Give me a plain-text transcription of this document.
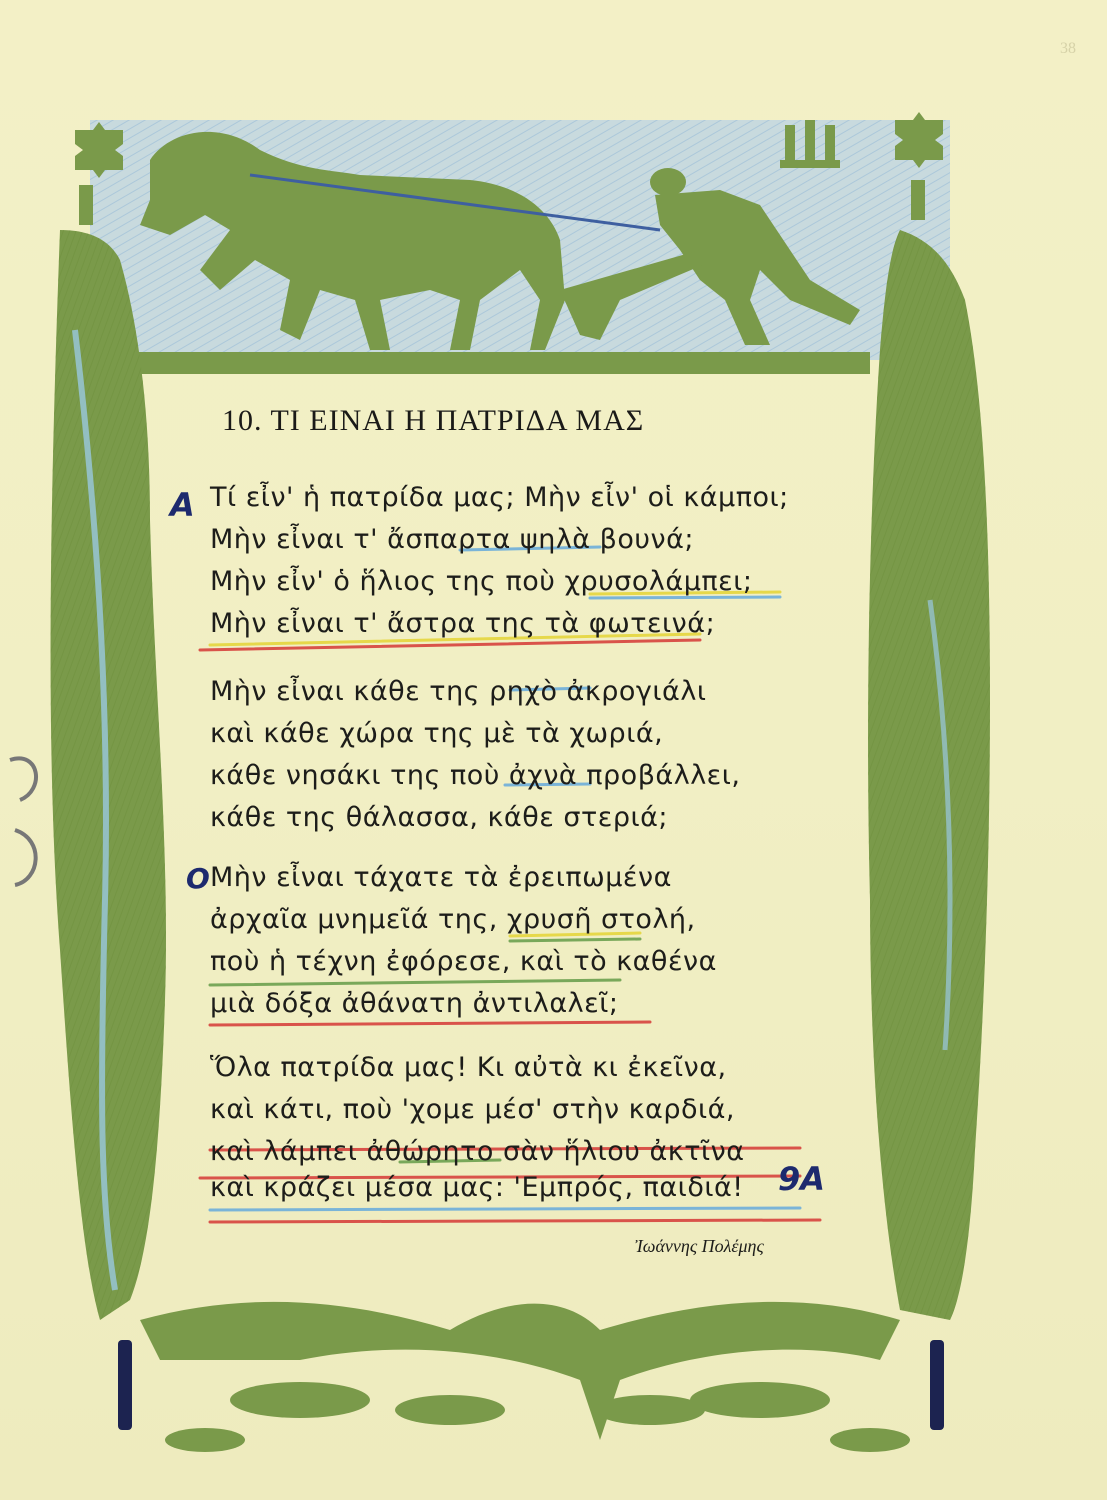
38
10. ΤΙ ΕΙΝΑΙ Η ΠΑΤΡΙΔΑ ΜΑΣ
A
O
9A
Τί εἶν' ἡ πατρίδα μας; Μὴν εἶν' οἱ κάμποι;
Μὴν εἶναι τ' ἄσπαρτα ψηλὰ βουνά;
Μὴν εἶν' ὁ ἥλιος της ποὺ χρυσολάμπει;
Μὴν εἶναι τ' ἄστρα της τὰ φωτεινά;
Μὴν εἶναι κάθε της ρηχὸ ἀκρογιάλι
καὶ κάθε χώρα της μὲ τὰ χωριά,
κάθε νησάκι της ποὺ ἀχνὰ προβάλλει,
κάθε της θάλασσα, κάθε στεριά;
Μὴν εἶναι τάχατε τὰ ἐρειπωμένα
ἀρχαῖα μνημεῖά της, χρυσῆ στολή,
ποὺ ἡ τέχνη ἐφόρεσε, καὶ τὸ καθένα
μιὰ δόξα ἀθάνατη ἀντιλαλεῖ;
Ὅλα πατρίδα μας! Κι αὐτὰ κι ἐκεῖνα,
καὶ κάτι, ποὺ 'χομε μέσ' στὴν καρδιά,
καὶ λάμπει ἀθώρητο σὰν ἥλιου ἀκτῖνα
καὶ κράζει μέσα μας: 'Εμπρός, παιδιά!
Ἰωάννης Πολέμης
